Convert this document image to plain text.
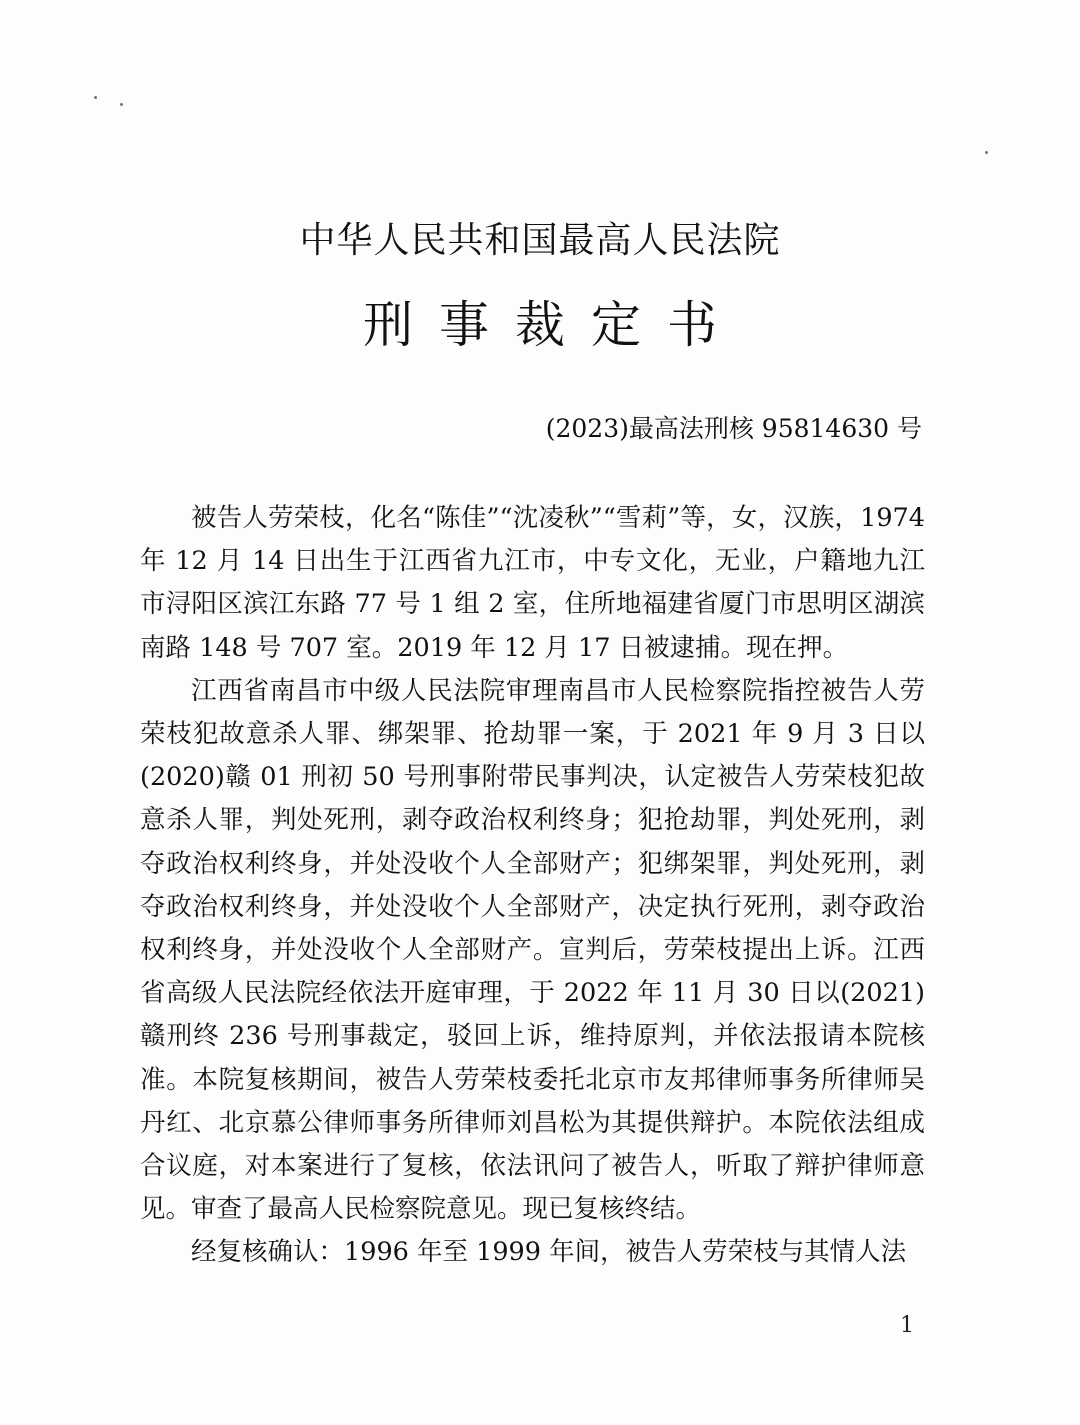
中华人民共和国最高人民法院
刑事裁定书
(2023)最高法刑核 95814630 号

被告人劳荣枝，化名“陈佳”“沈凌秋”“雪莉”等，女，汉族，1974 年 12 月 14 日出生于江西省九江市，中专文化，无业，户籍地九江市浔阳区滨江东路 77 号 1 组 2 室，住所地福建省厦门市思明区湖滨南路 148 号 707 室。2019 年 12 月 17 日被逮捕。现在押。

江西省南昌市中级人民法院审理南昌市人民检察院指控被告人劳荣枝犯故意杀人罪、绑架罪、抢劫罪一案，于 2021 年 9 月 3 日以(2020)赣 01 刑初 50 号刑事附带民事判决，认定被告人劳荣枝犯故意杀人罪，判处死刑，剥夺政治权利终身；犯抢劫罪，判处死刑，剥夺政治权利终身，并处没收个人全部财产；犯绑架罪，判处死刑，剥夺政治权利终身，并处没收个人全部财产，决定执行死刑，剥夺政治权利终身，并处没收个人全部财产。宣判后，劳荣枝提出上诉。江西省高级人民法院经依法开庭审理，于 2022 年 11 月 30 日以(2021)赣刑终 236 号刑事裁定，驳回上诉，维持原判，并依法报请本院核准。本院复核期间，被告人劳荣枝委托北京市友邦律师事务所律师吴丹红、北京慕公律师事务所律师刘昌松为其提供辩护。本院依法组成合议庭，对本案进行了复核，依法讯问了被告人，听取了辩护律师意见。审查了最高人民检察院意见。现已复核终结。

经复核确认：1996 年至 1999 年间，被告人劳荣枝与其情人法

1
